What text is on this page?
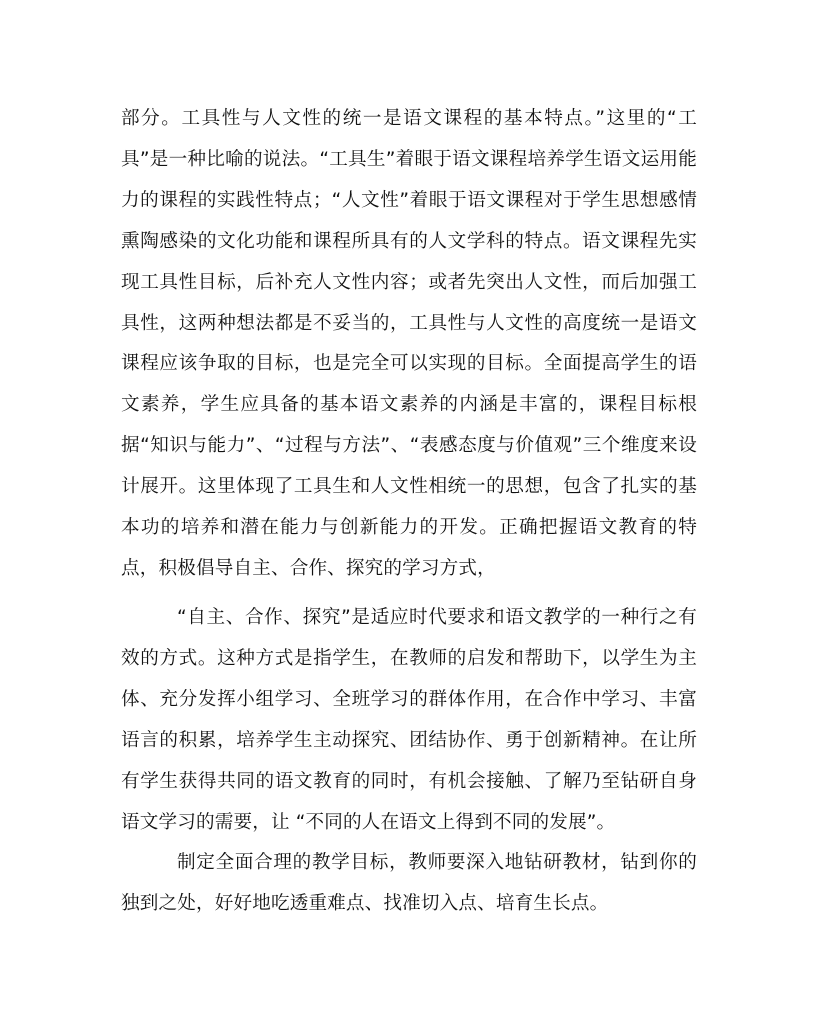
部分。工具性与人文性的统一是语文课程的基本特点。”这里的“工具”是一种比喻的说法。“工具生”着眼于语文课程培养学生语文运用能力的课程的实践性特点；“人文性”着眼于语文课程对于学生思想感情熏陶感染的文化功能和课程所具有的人文学科的特点。语文课程先实现工具性目标，后补充人文性内容；或者先突出人文性，而后加强工具性，这两种想法都是不妥当的，工具性与人文性的高度统一是语文课程应该争取的目标，也是完全可以实现的目标。全面提高学生的语文素养，学生应具备的基本语文素养的内涵是丰富的，课程目标根据“知识与能力”、“过程与方法”、“表感态度与价值观”三个维度来设计展开。这里体现了工具生和人文性相统一的思想，包含了扎实的基本功的培养和潜在能力与创新能力的开发。正确把握语文教育的特点，积极倡导自主、合作、探究的学习方式，

“自主、合作、探究”是适应时代要求和语文教学的一种行之有效的方式。这种方式是指学生，在教师的启发和帮助下，以学生为主体、充分发挥小组学习、全班学习的群体作用，在合作中学习、丰富语言的积累，培养学生主动探究、团结协作、勇于创新精神。在让所有学生获得共同的语文教育的同时，有机会接触、了解乃至钻研自身语文学习的需要，让 “不同的人在语文上得到不同的发展”。

制定全面合理的教学目标，教师要深入地钻研教材，钻到你的独到之处，好好地吃透重难点、找准切入点、培育生长点。
